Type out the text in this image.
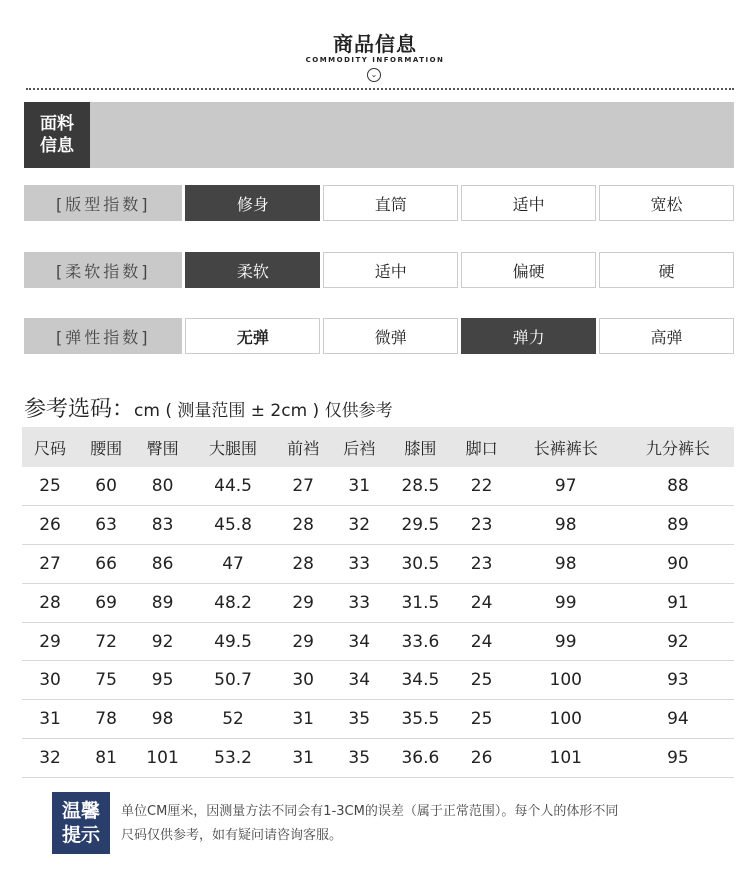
商品信息
COMMODITY INFORMATION
⌄
面料
信息
[版型指数]	修身	直筒	适中	宽松
[柔软指数]	柔软	适中	偏硬	硬
[弹性指数]	无弹	微弹	弹力	高弹
参考选码：cm ( 测量范围 ± 2cm ) 仅供参考
尺码	腰围	臀围	大腿围	前裆	后裆	膝围	脚口	长裤裤长	九分裤长
25	60	80	44.5	27	31	28.5	22	97	88
26	63	83	45.8	28	32	29.5	23	98	89
27	66	86	47	28	33	30.5	23	98	90
28	69	89	48.2	29	33	31.5	24	99	91
29	72	92	49.5	29	34	33.6	24	99	92
30	75	95	50.7	30	34	34.5	25	100	93
31	78	98	52	31	35	35.5	25	100	94
32	81	101	53.2	31	35	36.6	26	101	95
温馨
提示
单位CM厘米，因测量方法不同会有1-3CM的误差（属于正常范围）。每个人的体形不同
尺码仅供参考，如有疑问请咨询客服。
